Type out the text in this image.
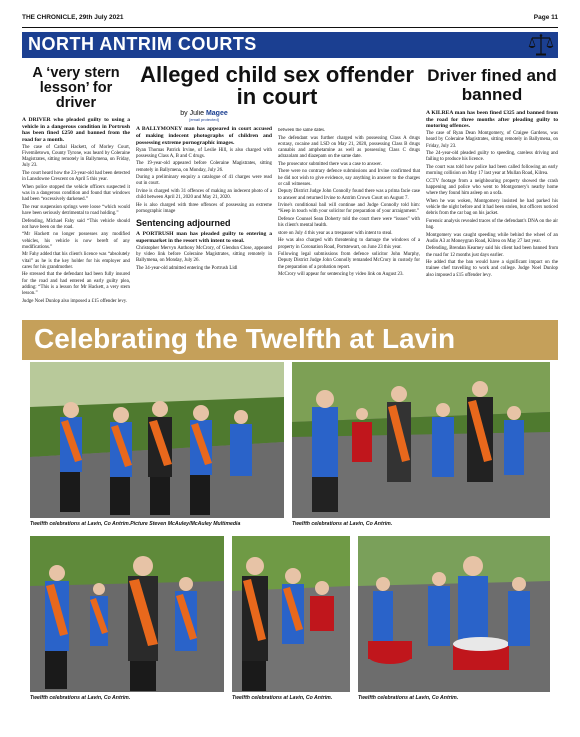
THE CHRONICLE, 29th July 2021	Page 11
NORTH ANTRIM COURTS
A ‘very stern lesson’ for driver

A DRIVER who pleaded guilty to using a vehicle in a dangerous condition in Portrush has been fined £250 and banned from the road for a month.

The case of Cathal Hackett, of Morley Court, Fivemiletown, County Tyrone, was heard by Coleraine Magistrates, sitting remotely in Ballymena, on Friday, July 23.

The court heard how the 23-year-old had been detected in Lansdowne Crescent on April 5 this year.

When police stopped the vehicle officers suspected it was in a dangerous condition and found that windows had been “excessively darkened.”

The rear suspension springs were loose “which would have been seriously detrimental to road holding.”

Defending, Michael Fahy said “This vehicle should not have been on the road.

“Mr Hackett no longer possesses any modified vehicles, his vehicle is now bereft of any modifications.”

Mr Fahy added that his client's licence was “absolutely vital” as he is the key holder for his employer and cares for his grandmother.

He stressed that the defendant had been fully insured for the road and had entered an early guilty plea, adding: “This is a lesson for Mr Hackett, a very stern lesson.”

Judge Noel Dunlop also imposed a £15 offender levy.

Alleged child sex offender in court
by Julie Magee
[email protected]

A BALLYMONEY man has appeared in court accused of making indecent photographs of children and possessing extreme pornographic images.

Ryan Thomas Patrick Irvine, of Leslie Hill, is also charged with possessing Class A, B and C drugs.

The 19-year-old appeared before Coleraine Magistrates, sitting remotely in Ballymena, on Monday, July 26.

During a preliminary enquiry a catalogue of 41 charges were read out in court.

Irvine is charged with 31 offences of making an indecent photo of a child between April 21, 2020 and May 21, 2020.

He is also charged with three offences of possessing an extreme pornographic image

Sentencing adjourned

A PORTRUSH man has pleaded guilty to entering a supermarket in the resort with intent to steal.

Christopher Mervyn Anthony McCrory, of Glendun Close, appeared by video link before Coleraine Magistrates, sitting remotely in Ballymena, on Monday, July 26.

The 34-year-old admitted entering the Portrush Lidl

between the same dates.

The defendant was further charged with possessing Class A drugs ecstasy, cocaine and LSD on May 21, 2020, possessing Class B drugs cannabis and amphetamine as well as possessing Class C drugs adrazolam and diazepam on the same date.

The prosecutor submitted there was a case to answer.

There were no contrary defence submissions and Irvine confirmed that he did not wish to give evidence, say anything in answer to the charges or call witnesses.

Deputy District Judge John Connolly found there was a prima facie case to answer and returned Irvine to Antrim Crown Court on August 7.

Irvine's conditional bail will continue and Judge Connolly told him: “Keep in touch with your solicitor for preparation of your arraignment.”

Defence Counsel Sean Doherty told the court there were “issues” with his client's mental health.

store on July 4 this year as a trespasser with intent to steal.

He was also charged with threatening to damage the windows of a property in Coronation Road, Portstewart, on June 23 this year.

Following legal submissions from defence solicitor John Murphy, Deputy District Judge John Connolly remanded McCrory in custody for the preparation of a probation report.

McCrory will appear for sentencing by video link on August 23.

Driver fined and banned

A KILREA man has been fined £325 and banned from the road for three months after pleading guilty to motoring offences.

The case of Ryan Dean Montgomery, of Craigee Gardens, was heard by Coleraine Magistrates, sitting remotely in Ballymena, on Friday, July 23.

The 24-year-old pleaded guilty to speeding, careless driving and failing to produce his licence.

The court was told how police had been called following an early morning collision on May 17 last year at Mullan Road, Kilrea.

CCTV footage from a neighbouring property showed the crash happening and police who went to Montgomery's nearby home where they found him asleep on a sofa.

When he was woken, Montgomery insisted he had parked his vehicle the night before and it had been stolen, but officers noticed debris from the car bag on his jacket.

Forensic analysis revealed traces of the defendant's DNA on the air bag.

Montgomery was caught speeding while behind the wheel of an Audio A3 at Moneygran Road, Kilrea on May 27 last year.

Defending, Brendan Kearney said his client had been banned from the road for 12 months just days earlier.

He added that the ban would have a significant impact on the trainee chef travelling to work and college. Judge Noel Dunlop also imposed a £15 offender levy.

Celebrating the Twelfth at Lavin
Twelfth celebrations at Lavin, Co Antrim.Picture Steven McAuley/McAuley Multimedia	Twelfth celebrations at Lavin, Co Antrim.
Twelfth celebrations at Lavin, Co Antrim.	Twelfth celebrations at Lavin, Co Antrim.	Twelfth celebrations at Lavin, Co Antrim.
